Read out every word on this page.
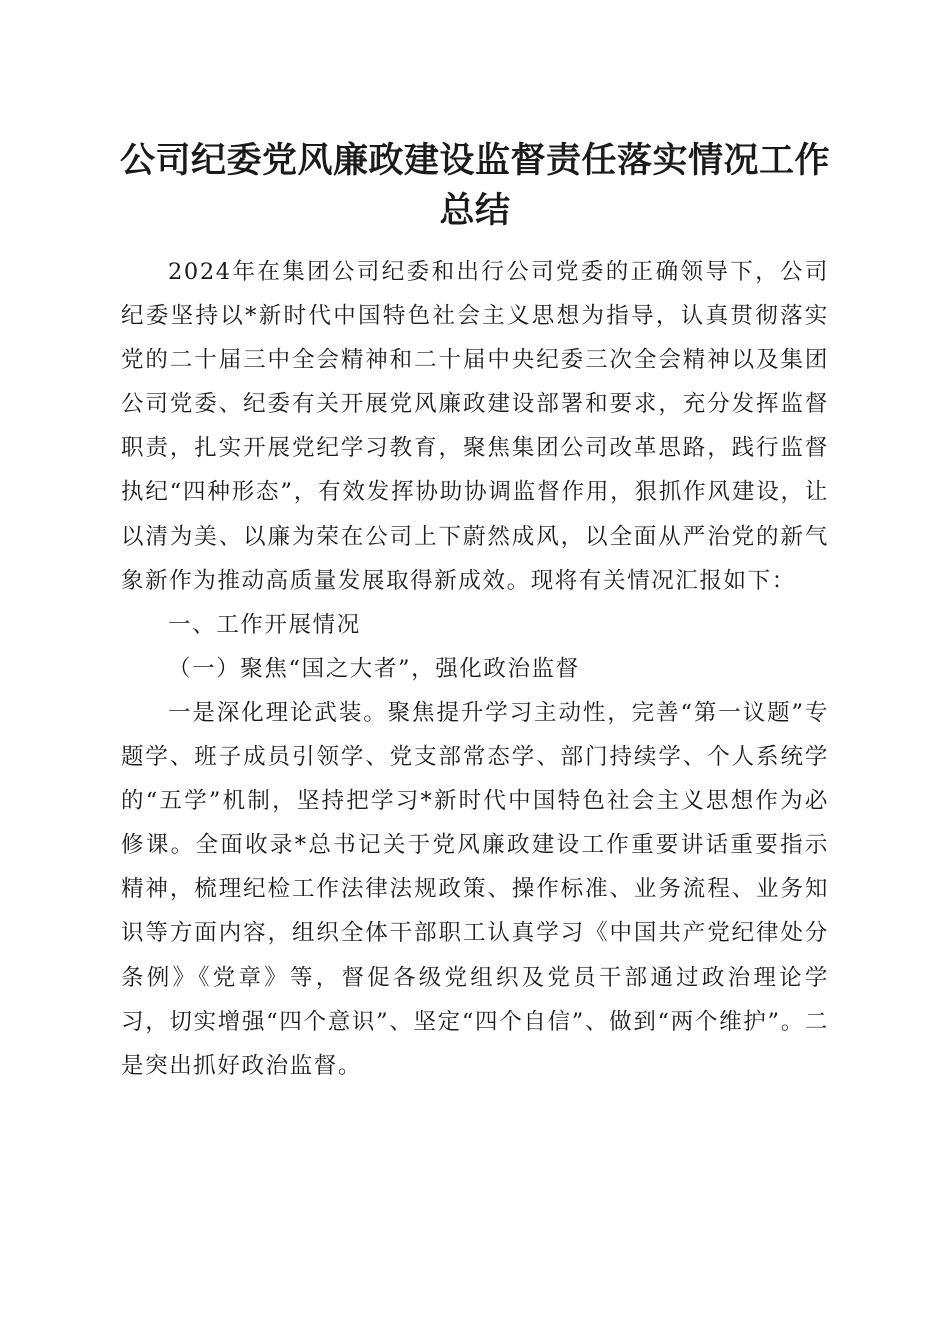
公司纪委党风廉政建设监督责任落实情况工作
总结

2024年在集团公司纪委和出行公司党委的正确领导下，公司纪委坚持以*新时代中国特色社会主义思想为指导，认真贯彻落实党的二十届三中全会精神和二十届中央纪委三次全会精神以及集团公司党委、纪委有关开展党风廉政建设部署和要求，充分发挥监督职责，扎实开展党纪学习教育，聚焦集团公司改革思路，践行监督执纪“四种形态”，有效发挥协助协调监督作用，狠抓作风建设，让以清为美、以廉为荣在公司上下蔚然成风，以全面从严治党的新气象新作为推动高质量发展取得新成效。现将有关情况汇报如下：

一、工作开展情况

（一）聚焦“国之大者”，强化政治监督

一是深化理论武装。聚焦提升学习主动性，完善“第一议题”专题学、班子成员引领学、党支部常态学、部门持续学、个人系统学的“五学”机制，坚持把学习*新时代中国特色社会主义思想作为必修课。全面收录*总书记关于党风廉政建设工作重要讲话重要指示精神，梳理纪检工作法律法规政策、操作标准、业务流程、业务知识等方面内容，组织全体干部职工认真学习《中国共产党纪律处分条例》《党章》等，督促各级党组织及党员干部通过政治理论学习，切实增强“四个意识”、坚定“四个自信”、做到“两个维护”。二是突出抓好政治监督。
